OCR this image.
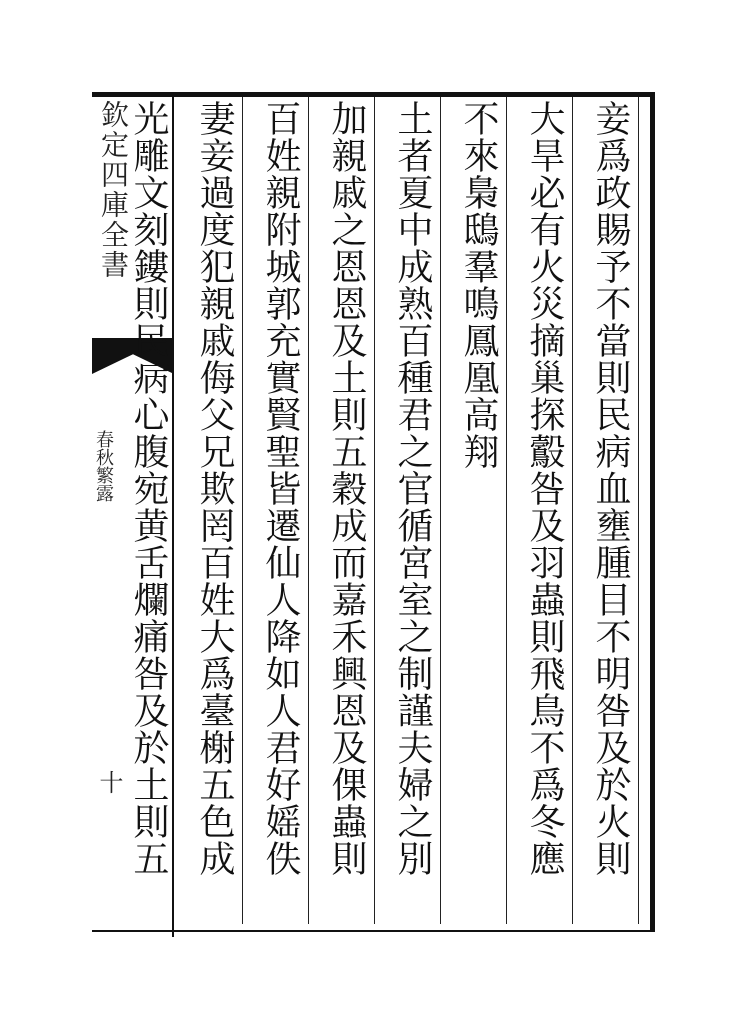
欽定四庫全書
春秋繁露
十	妾爲政賜予不當則民病血壅腫目不明咎及於火則
大旱必有火災摘巢探鷇咎及羽蟲則飛鳥不爲冬應
不來梟鴟羣鳴鳳凰高翔
土者夏中成熟百種君之官循宮室之制謹夫婦之別
加親戚之恩恩及土則五穀成而嘉禾興恩及倮蟲則
百姓親附城郭充實賢聖皆遷仙人降如人君好媱佚
妻妾過度犯親戚侮父兄欺罔百姓大爲臺榭五色成
光雕文刻鏤則民病心腹宛黄舌爛痛咎及於土則五
